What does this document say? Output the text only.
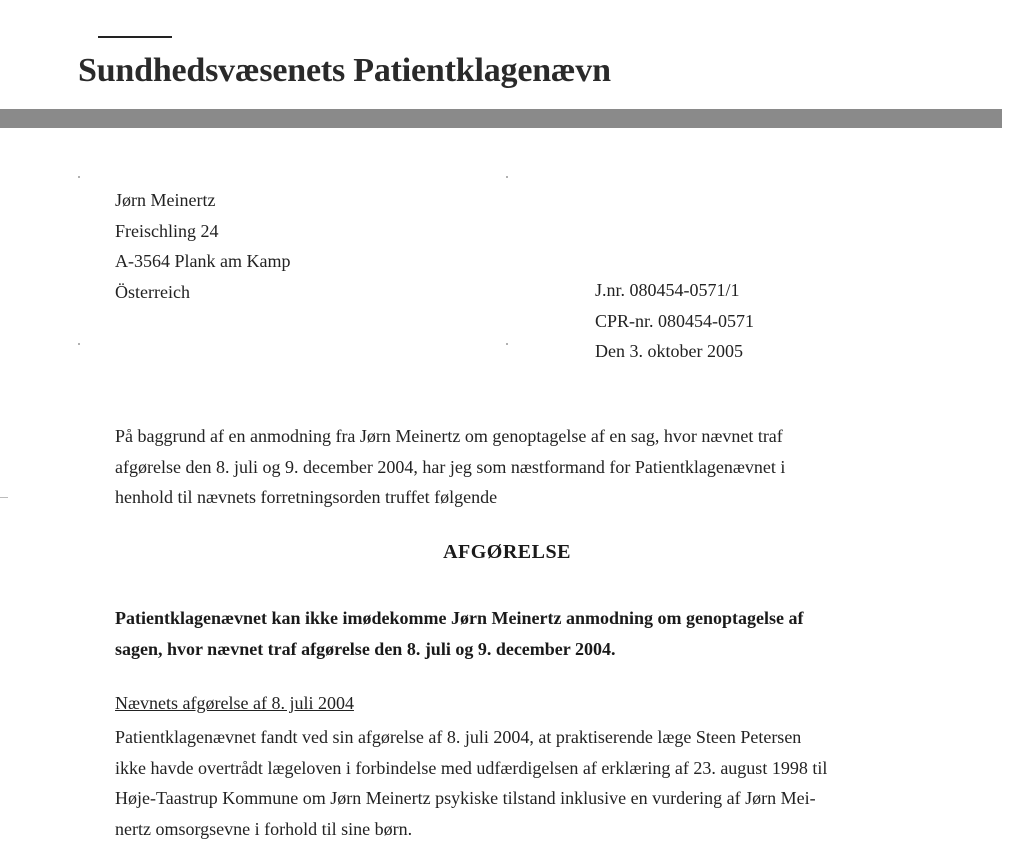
Sundhedsvæsenets Patientklagenævn
Jørn Meinertz
Freischling 24
A-3564 Plank am Kamp
Österreich	J.nr. 080454-0571/1
CPR-nr. 080454-0571
Den 3. oktober 2005
På baggrund af en anmodning fra Jørn Meinertz om genoptagelse af en sag, hvor nævnet traf
afgørelse den 8. juli og 9. december 2004, har jeg som næstformand for Patientklagenævnet i
henhold til nævnets forretningsorden truffet følgende
AFGØRELSE
Patientklagenævnet kan ikke imødekomme Jørn Meinertz anmodning om genoptagelse af
sagen, hvor nævnet traf afgørelse den 8. juli og 9. december 2004.
Nævnets afgørelse af 8. juli 2004
Patientklagenævnet fandt ved sin afgørelse af 8. juli 2004, at praktiserende læge Steen Petersen
ikke havde overtrådt lægeloven i forbindelse med udfærdigelsen af erklæring af 23. august 1998 til
Høje-Taastrup Kommune om Jørn Meinertz psykiske tilstand inklusive en vurdering af Jørn Mei-
nertz omsorgsevne i forhold til sine børn.
